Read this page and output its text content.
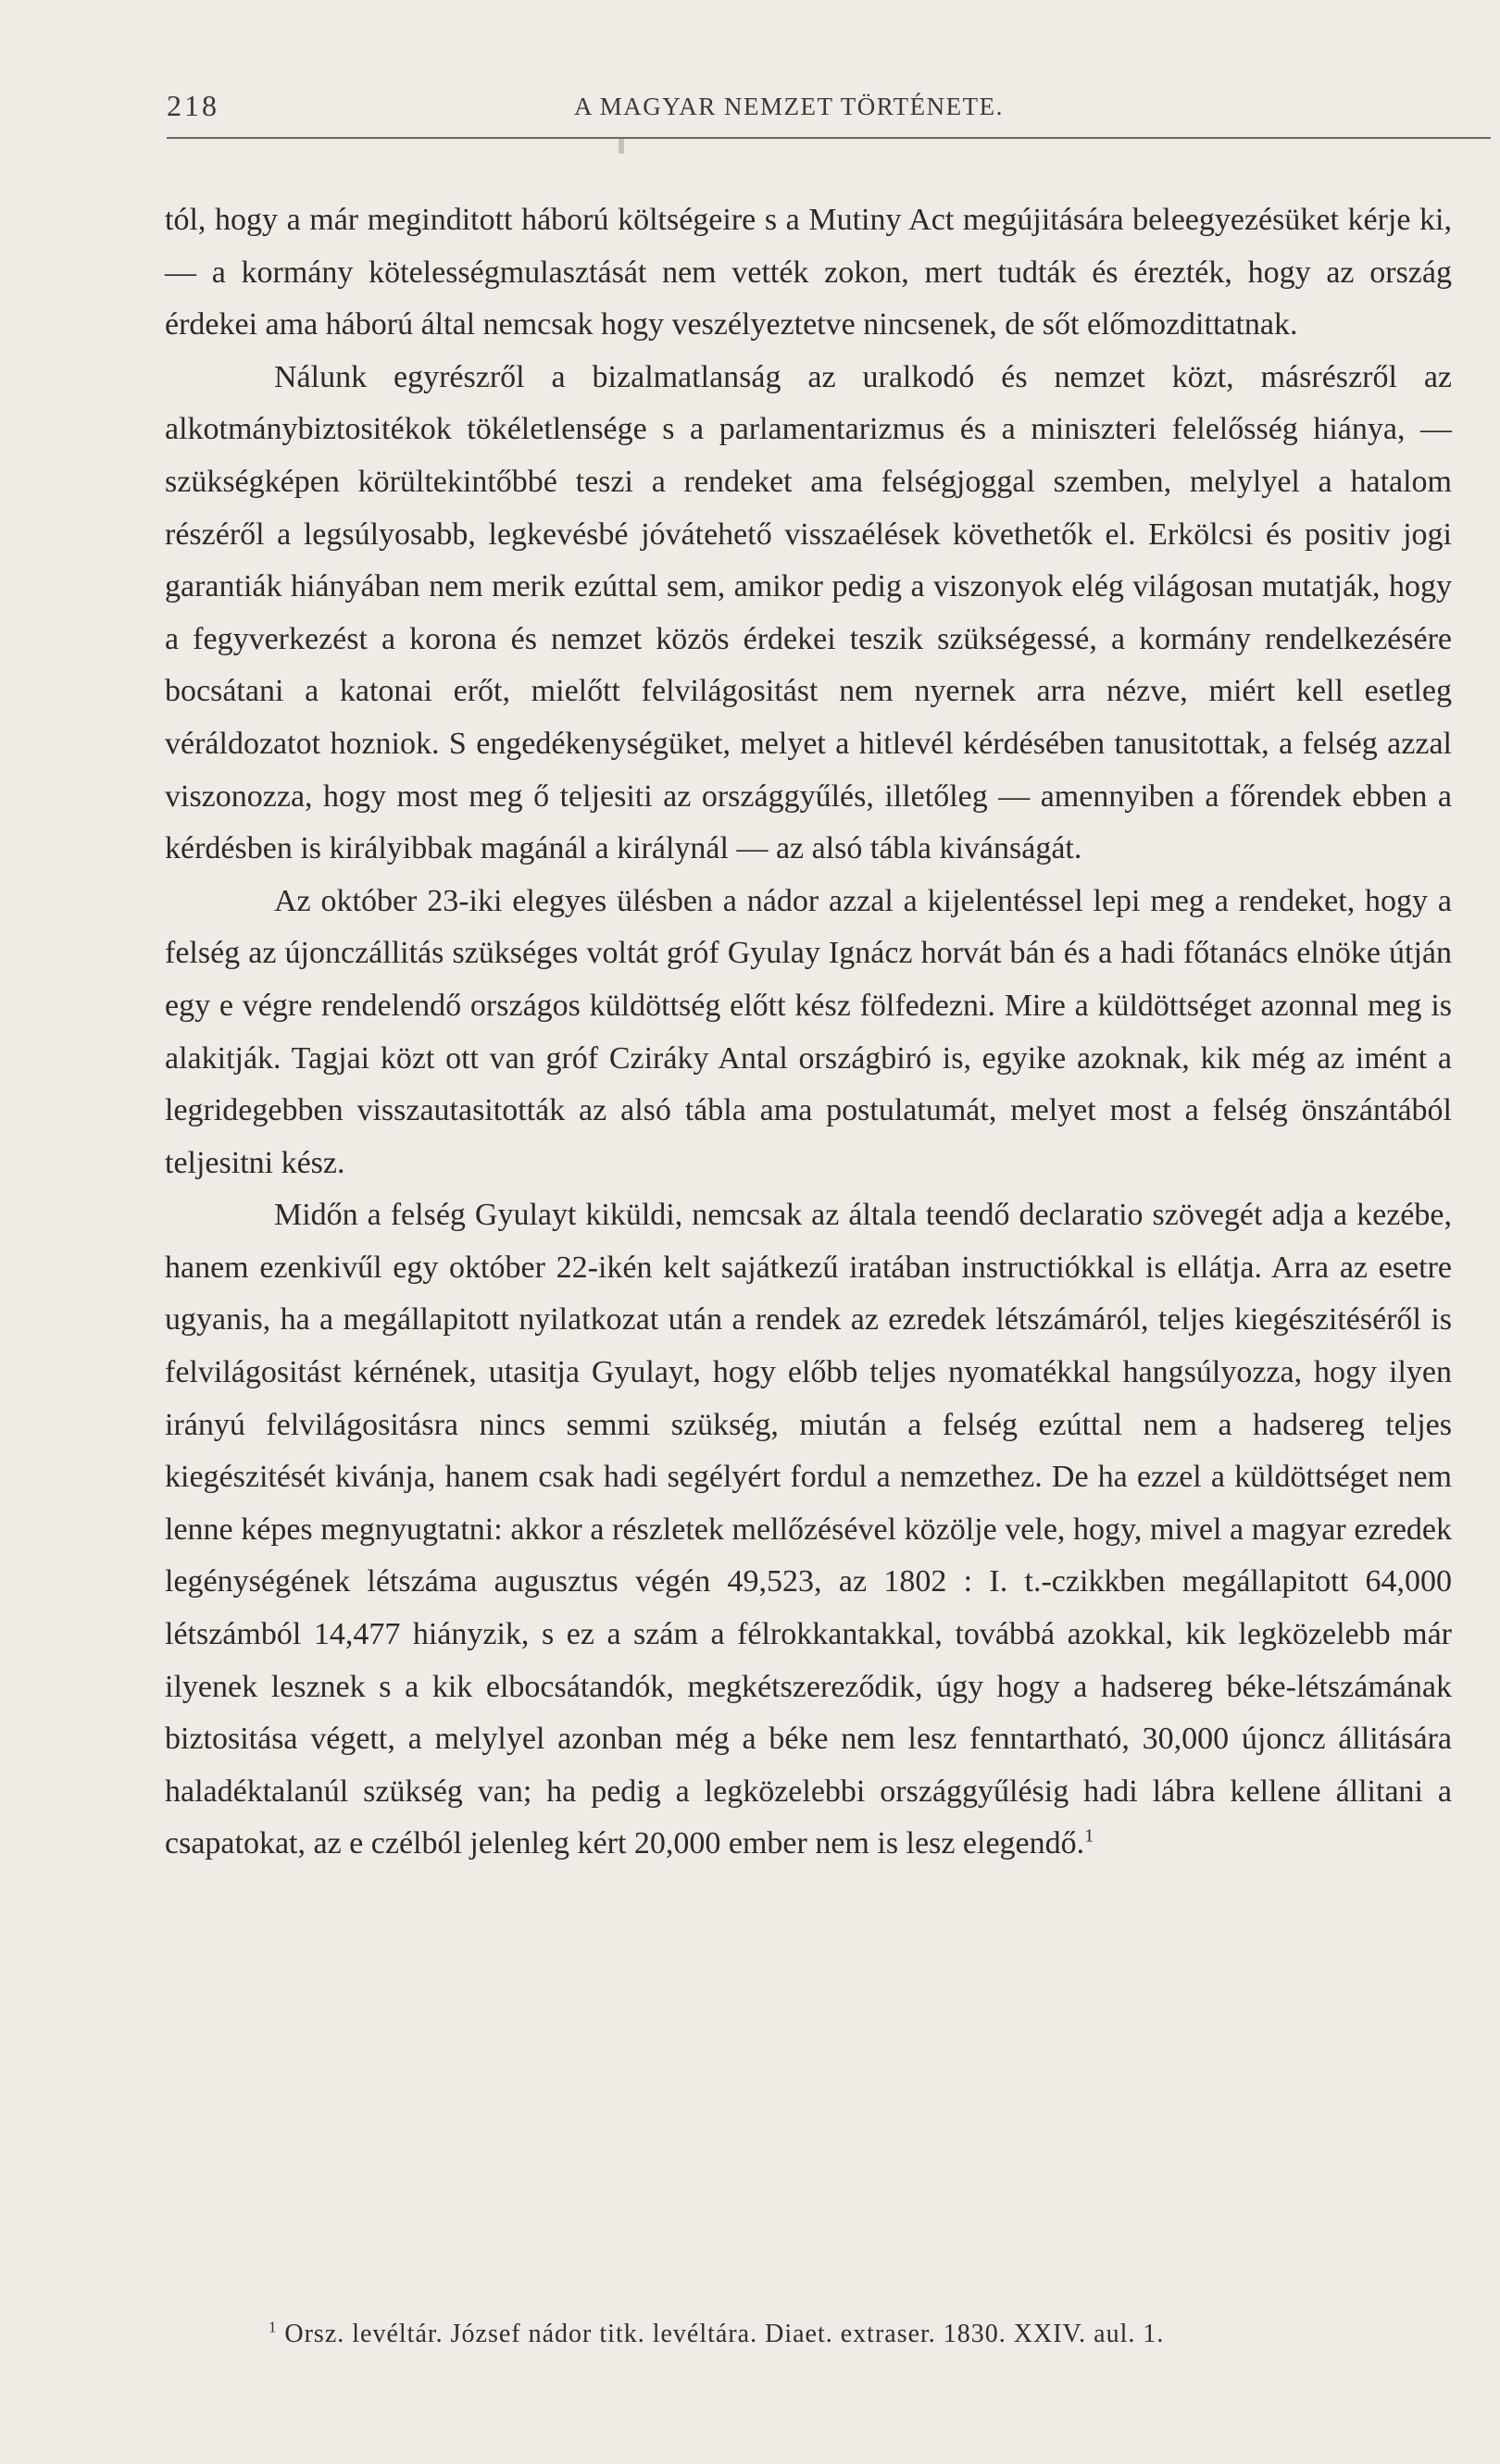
218	A MAGYAR NEMZET TÖRTÉNETE.

tól, hogy a már meginditott háború költségeire s a Mutiny Act megújitására beleegyezésüket kérje ki, — a kormány kötelességmulasztását nem vették zokon, mert tudták és érezték, hogy az ország érdekei ama háború által nemcsak hogy veszélyeztetve nincsenek, de sőt előmozdittatnak.

Nálunk egyrészről a bizalmatlanság az uralkodó és nemzet közt, másrészről az alkotmánybiztositékok tökéletlensége s a parlamentarizmus és a miniszteri felelősség hiánya, — szükségképen körültekintőbbé teszi a rendeket ama felségjoggal szemben, melylyel a hatalom részéről a legsúlyosabb, legkevésbé jóvátehető visszaélések követhetők el. Erkölcsi és positiv jogi garantiák hiányában nem merik ezúttal sem, amikor pedig a viszonyok elég világosan mutatják, hogy a fegyverkezést a korona és nemzet közös érdekei teszik szükségessé, a kormány rendelkezésére bocsátani a katonai erőt, mielőtt felvilágositást nem nyernek arra nézve, miért kell esetleg véráldozatot hozniok. S engedékenységüket, melyet a hitlevél kérdésében tanusitottak, a felség azzal viszonozza, hogy most meg ő teljesiti az országgyűlés, illetőleg — amennyiben a főrendek ebben a kérdésben is királyibbak magánál a királynál — az alsó tábla kivánságát.

Az október 23-iki elegyes ülésben a nádor azzal a kijelentéssel lepi meg a rendeket, hogy a felség az újonczállitás szükséges voltát gróf Gyulay Ignácz horvát bán és a hadi főtanács elnöke útján egy e végre rendelendő országos küldöttség előtt kész fölfedezni. Mire a küldöttséget azonnal meg is alakitják. Tagjai közt ott van gróf Cziráky Antal országbiró is, egyike azoknak, kik még az imént a legridegebben visszautasitották az alsó tábla ama postulatumát, melyet most a felség önszántából teljesitni kész.

Midőn a felség Gyulayt kiküldi, nemcsak az általa teendő declaratio szövegét adja a kezébe, hanem ezenkivűl egy október 22-ikén kelt sajátkezű iratában instructiókkal is ellátja. Arra az esetre ugyanis, ha a megállapitott nyilatkozat után a rendek az ezredek létszámáról, teljes kiegészitéséről is felvilágositást kérnének, utasitja Gyulayt, hogy előbb teljes nyomatékkal hangsúlyozza, hogy ilyen irányú felvilágositásra nincs semmi szükség, miután a felség ezúttal nem a hadsereg teljes kiegészitését kivánja, hanem csak hadi segélyért fordul a nemzethez. De ha ezzel a küldöttséget nem lenne képes megnyugtatni: akkor a részletek mellőzésével közölje vele, hogy, mivel a magyar ezredek legénységének létszáma augusztus végén 49,523, az 1802 : I. t.-czikkben megállapitott 64,000 létszámból 14,477 hiányzik, s ez a szám a félrokkantakkal, továbbá azokkal, kik legközelebb már ilyenek lesznek s a kik elbocsátandók, megkétszereződik, úgy hogy a hadsereg béke-létszámának biztositása végett, a melylyel azonban még a béke nem lesz fenntartható, 30,000 újoncz állitására haladéktalanúl szükség van; ha pedig a legközelebbi országgyűlésig hadi lábra kellene állitani a csapatokat, az e czélból jelenleg kért 20,000 ember nem is lesz elegendő.$^1$

$^1$ Orsz. levéltár. József nádor titk. levéltára. Diaet. extraser. 1830. XXIV. aul. 1.
